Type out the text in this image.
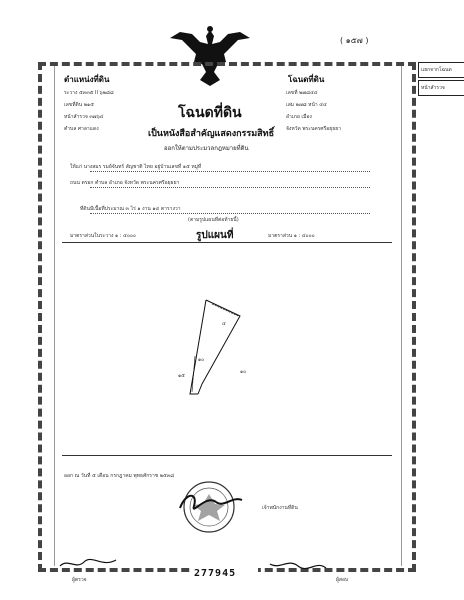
( ๑๕๗ )
แยกจากโฉนด
หน้าสำรวจ
ตำแหน่งที่ดิน
ระวาง ๕๓๓๕ II ๖๒๘๘
เลขที่ดิน ๒๑๕
หน้าสำรวจ ๓๗๖๔
ตำบล ศาลาแดง
โฉนดที่ดิน
เลขที่ ๒๗๘๔๔
เล่ม ๒๗๘ หน้า ๔๔
อำเภอ เมือง
จังหวัด พระนครศรีอยุธยา
โฉนดที่ดิน
เป็นหนังสือสำคัญแสดงกรรมสิทธิ์
ออกให้ตามประมวลกฎหมายที่ดิน
ให้แก่ นางสมร รมย์จันทร์ สัญชาติ ไทย อยู่บ้านเลขที่ ๑๕ หมู่ที่
ถนน ตรอก ตำบล อำเภอ จังหวัด พระนครศรีอยุธยา
ที่ดินมีเนื้อที่ประมาณ ๓ ไร่ ๑ งาน ๑๔ ตารางวา
(ตามรูปแผนที่ต่อท้ายนี้)
มาตราส่วนในระวาง ๑ : ๔๐๐๐	รูปแผนที่	มาตราส่วน ๑ : ๔๐๐๐
๔
๑๐
๑๐
๑๕
ออก ณ วันที่ ๕ เดือน กรกฎาคม พุทธศักราช ๒๕๓๘
เจ้าพนักงานที่ดิน
ผู้ตรวจ
277945
ผู้สอบ
